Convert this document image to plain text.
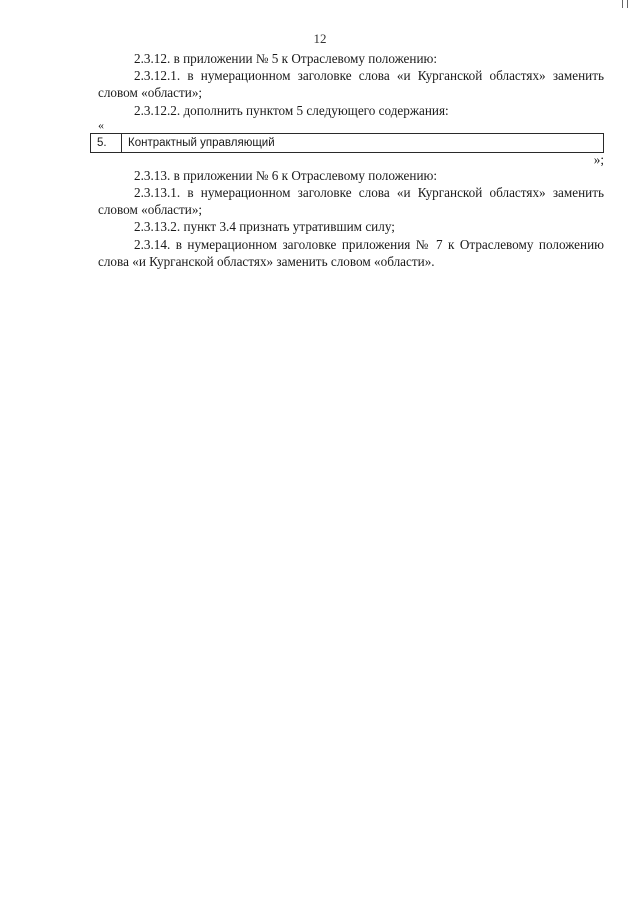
12

2.3.12. в приложении № 5 к Отраслевому положению:

2.3.12.1. в нумерационном заголовке слова «и Курганской областях» заменить словом «области»;

2.3.12.2. дополнить пунктом 5 следующего содержания:

«

5.	Контрактный управляющий

»;

2.3.13. в приложении № 6 к Отраслевому положению:

2.3.13.1. в нумерационном заголовке слова «и Курганской областях» заменить словом «области»;

2.3.13.2. пункт 3.4 признать утратившим силу;

2.3.14. в нумерационном заголовке приложения № 7 к Отраслевому положению слова «и Курганской областях» заменить словом «области».
